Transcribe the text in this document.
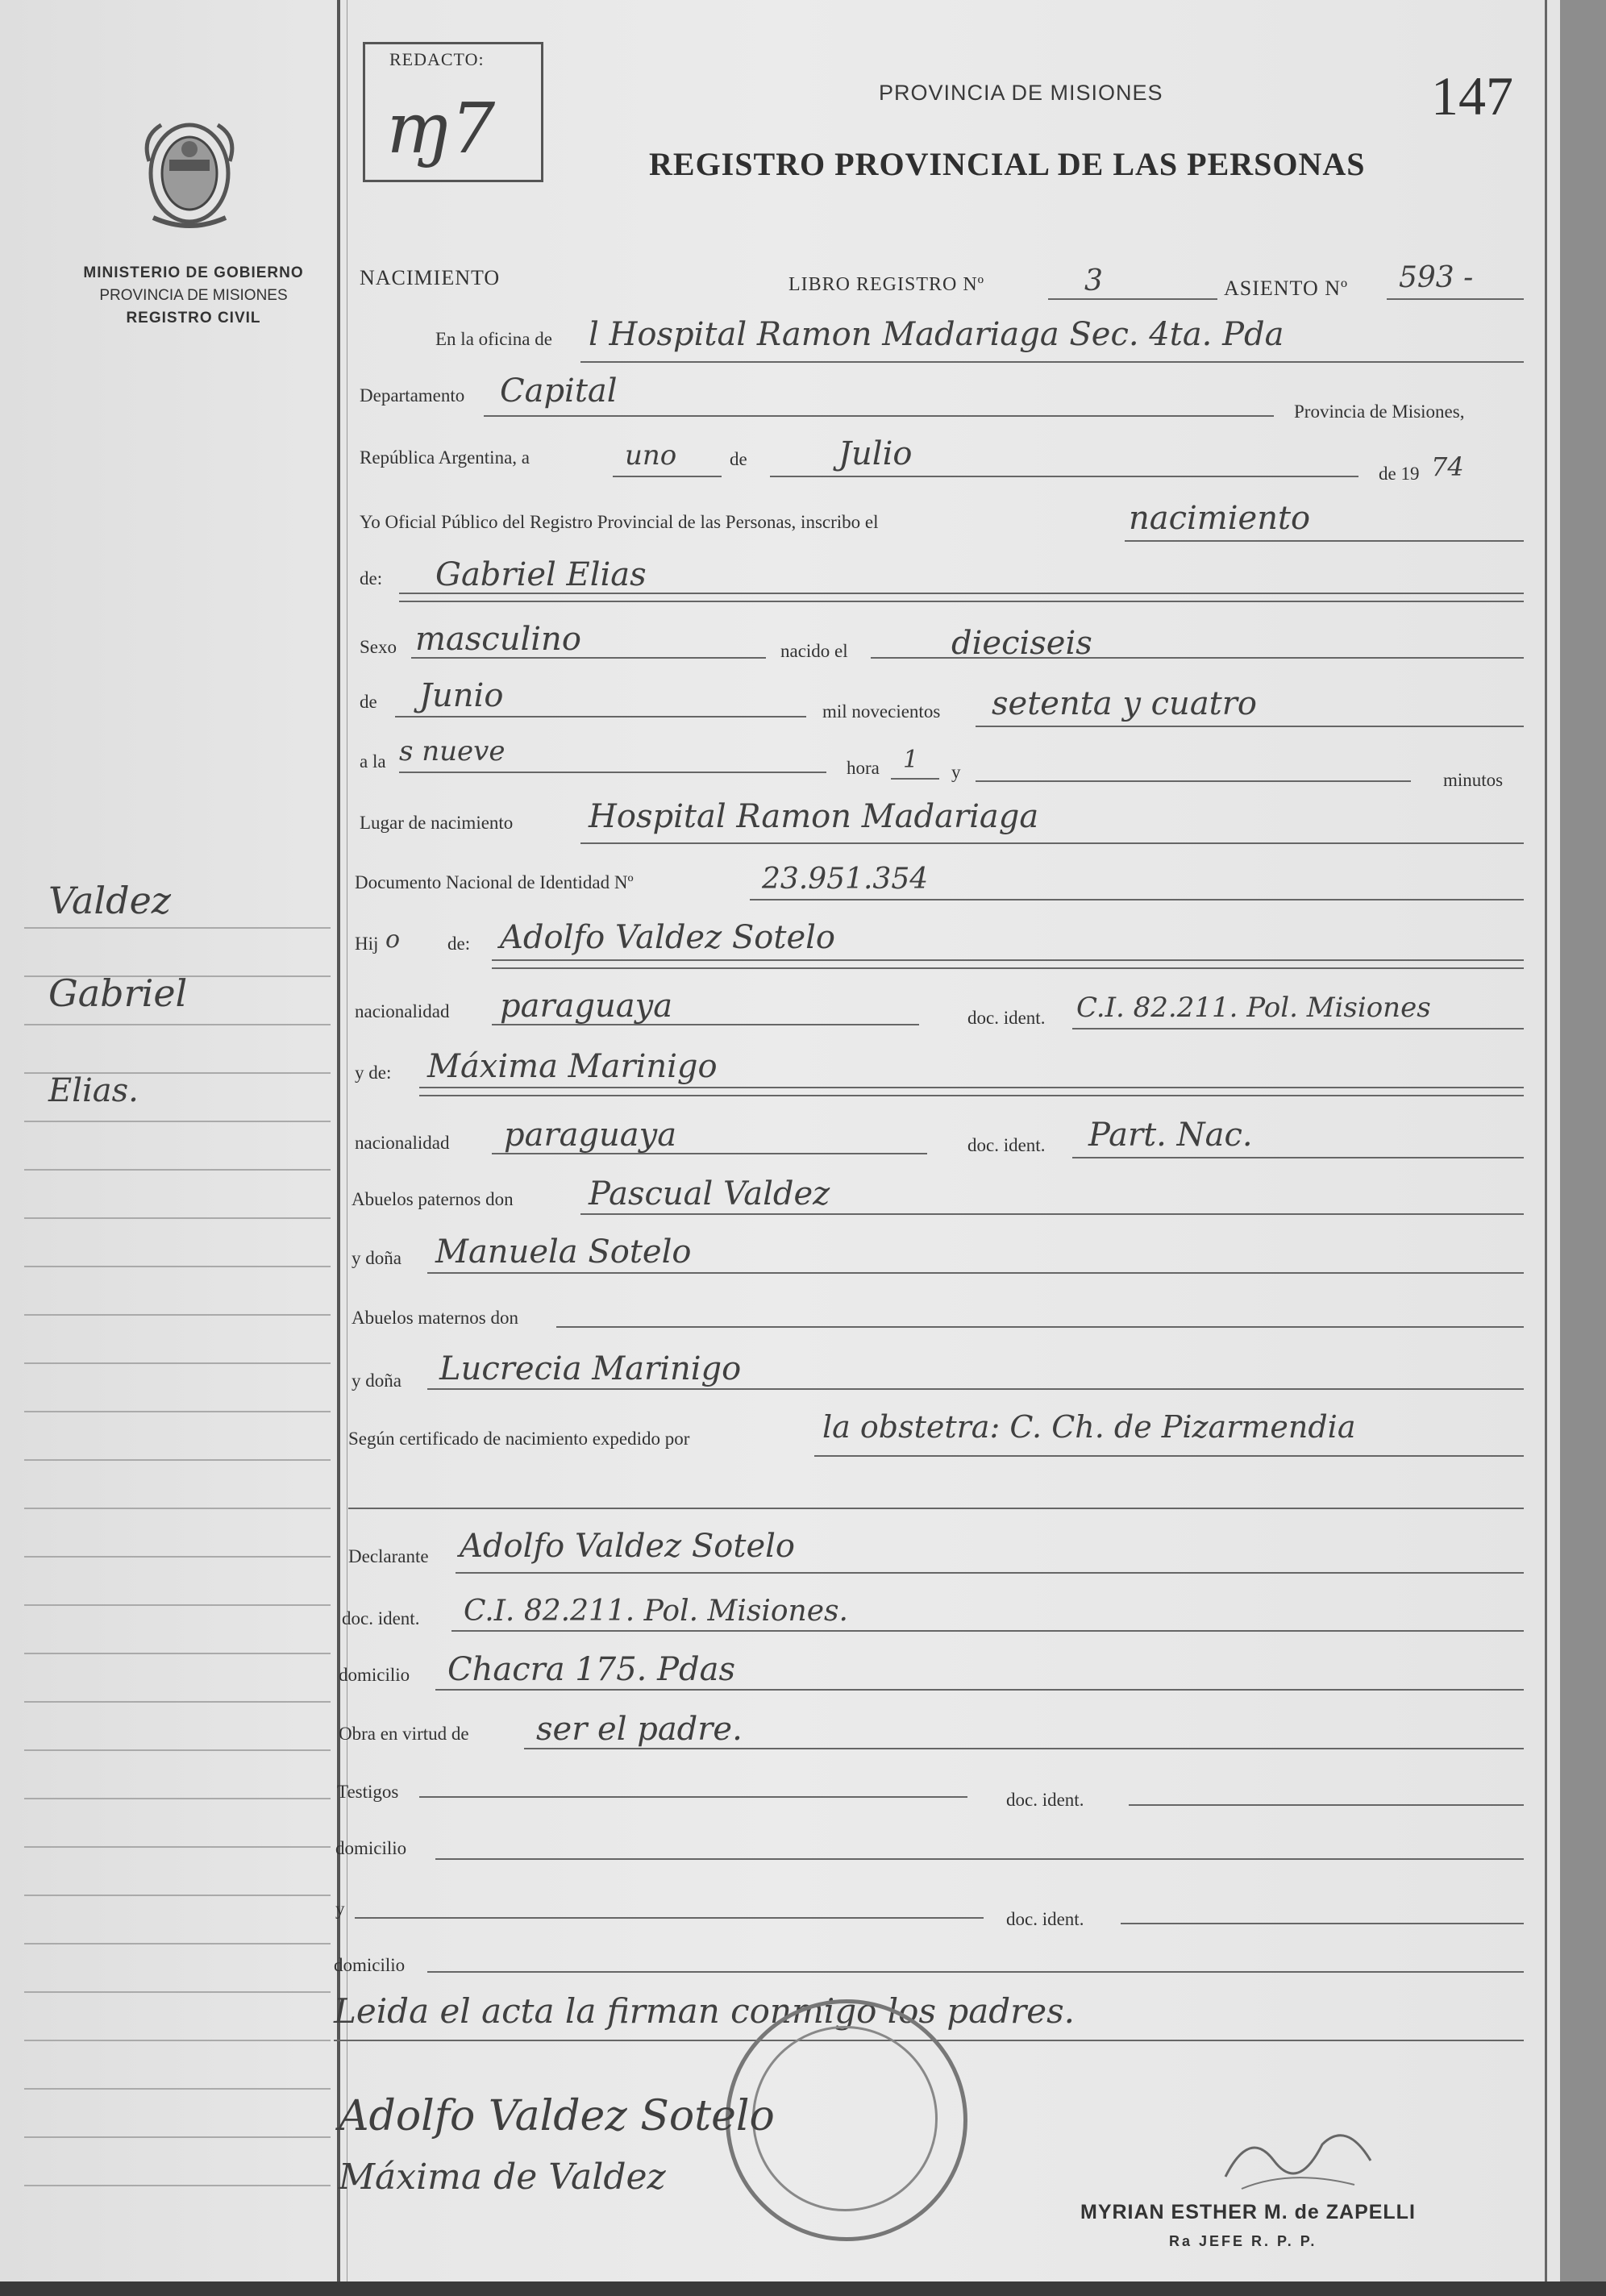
MINISTERIO DE GOBIERNO
PROVINCIA DE MISIONES
REGISTRO CIVIL
Valdez
Gabriel
Elias.
REDACTO:
ɱ7	PROVINCIA DE MISIONES	147
REGISTRO PROVINCIAL DE LAS PERSONAS
NACIMIENTO	LIBRO REGISTRO Nº	3	ASIENTO Nº 593 -
En la oficina de l Hospital Ramon Madariaga Sec. 4ta. Pda
Departamento Capital
Provincia de Misiones,
República Argentina, a	uno	de	Julio
de 19 74
Yo Oficial Público del Registro Provincial de las Personas, inscribo el	nacimiento
de: Gabriel Elias
Sexo masculino	nacido el	dieciseis
de Junio	mil novecientos setenta y cuatro
a la s nueve
hora 1 y	minutos
Lugar de nacimiento Hospital Ramon Madariaga
Documento Nacional de Identidad Nº	23.951.354
Hij o	de: Adolfo Valdez Sotelo
nacionalidad paraguaya	doc. ident. C.I. 82.211. Pol. Misiones
y de: Máxima Marinigo
nacionalidad paraguaya	doc. ident. Part. Nac.
Abuelos paternos don Pascual Valdez
y doña Manuela Sotelo
Abuelos maternos don
y doña Lucrecia Marinigo
Según certificado de nacimiento expedido por	la obstetra: C. Ch. de Pizarmendia
Declarante Adolfo Valdez Sotelo
doc. ident. C.I. 82.211. Pol. Misiones.
domicilio Chacra 175. Pdas
Obra en virtud de ser el padre.
Testigos	doc. ident.
domicilio
y
doc. ident.
domicilio
Leida el acta la firman conmigo los padres.
Adolfo Valdez Sotelo
Máxima de Valdez
MYRIAN ESTHER M. de ZAPELLI
Ra JEFE R. P. P.
